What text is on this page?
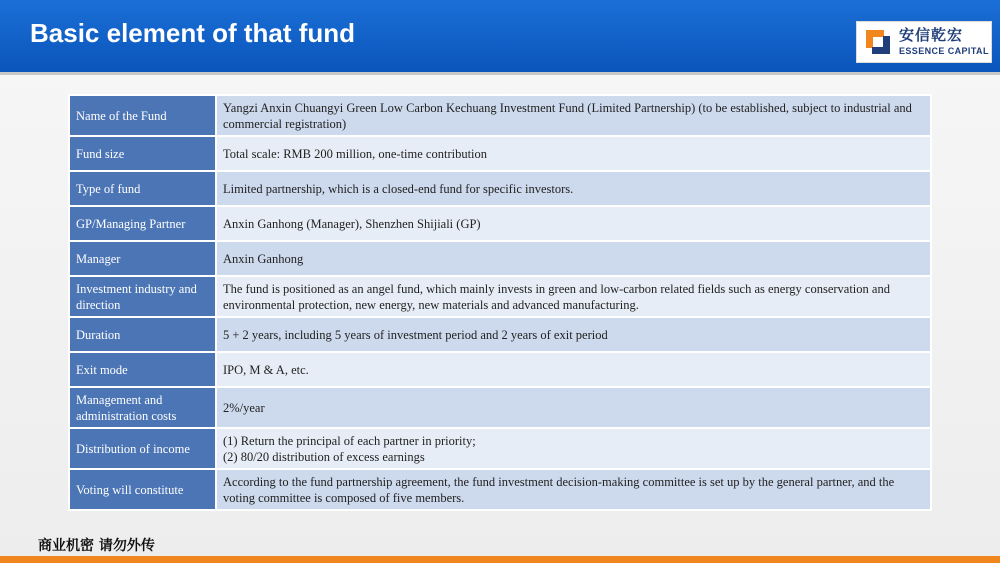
Basic element of that fund	安信乾宏
ESSENCE CAPITAL
Name of the Fund	Yangzi Anxin Chuangyi Green Low Carbon Kechuang Investment Fund (Limited Partnership) (to be established, subject to industrial and commercial registration)
Fund size	Total scale: RMB 200 million, one-time contribution
Type of fund	Limited partnership, which is a closed-end fund for specific investors.
GP/Managing Partner	Anxin Ganhong (Manager), Shenzhen Shijiali (GP)
Manager	Anxin Ganhong
Investment industry and direction	The fund is positioned as an angel fund, which mainly invests in green and low-carbon related fields such as energy conservation and environmental protection, new energy, new materials and advanced manufacturing.
Duration	5 + 2 years, including 5 years of investment period and 2 years of exit period
Exit mode	IPO, M & A, etc.
Management and administration costs	2%/year
Distribution of income	(1) Return the principal of each partner in priority;
(2) 80/20 distribution of excess earnings

Voting will constitute	According to the fund partnership agreement, the fund investment decision-making committee is set up by the general partner, and the voting committee is composed of five members.
商业机密 请勿外传
